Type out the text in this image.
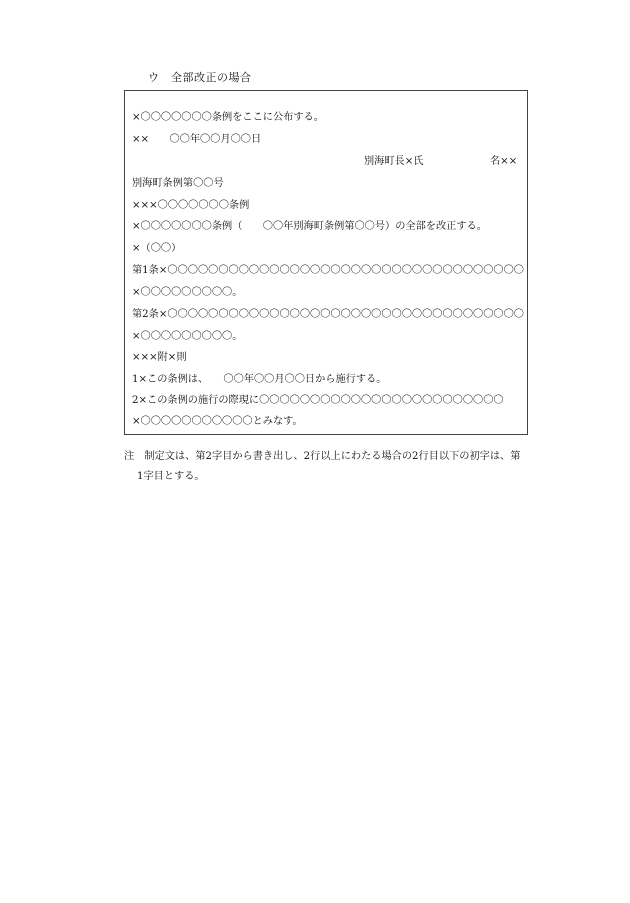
ウ　全部改正の場合
×〇〇〇〇〇〇〇条例をここに公布する。
××　　〇〇年〇〇月〇〇日
別海町長×氏	名××
別海町条例第〇〇号
×××〇〇〇〇〇〇〇条例
×〇〇〇〇〇〇〇条例（　　〇〇年別海町条例第〇〇号）の全部を改正する。
×（〇〇）
第1条×〇〇〇〇〇〇〇〇〇〇〇〇〇〇〇〇〇〇〇〇〇〇〇〇〇〇〇〇〇〇〇〇〇〇〇
×〇〇〇〇〇〇〇〇〇。
第2条×〇〇〇〇〇〇〇〇〇〇〇〇〇〇〇〇〇〇〇〇〇〇〇〇〇〇〇〇〇〇〇〇〇〇〇
×〇〇〇〇〇〇〇〇〇。
×××附×則
1×この条例は、　　〇〇年〇〇月〇〇日から施行する。
2×この条例の施行の際現に〇〇〇〇〇〇〇〇〇〇〇〇〇〇〇〇〇〇〇〇〇〇〇〇
×〇〇〇〇〇〇〇〇〇〇〇とみなす。
注　制定文は、第2字目から書き出し、2行以上にわたる場合の2行目以下の初字は、第
1字目とする。
